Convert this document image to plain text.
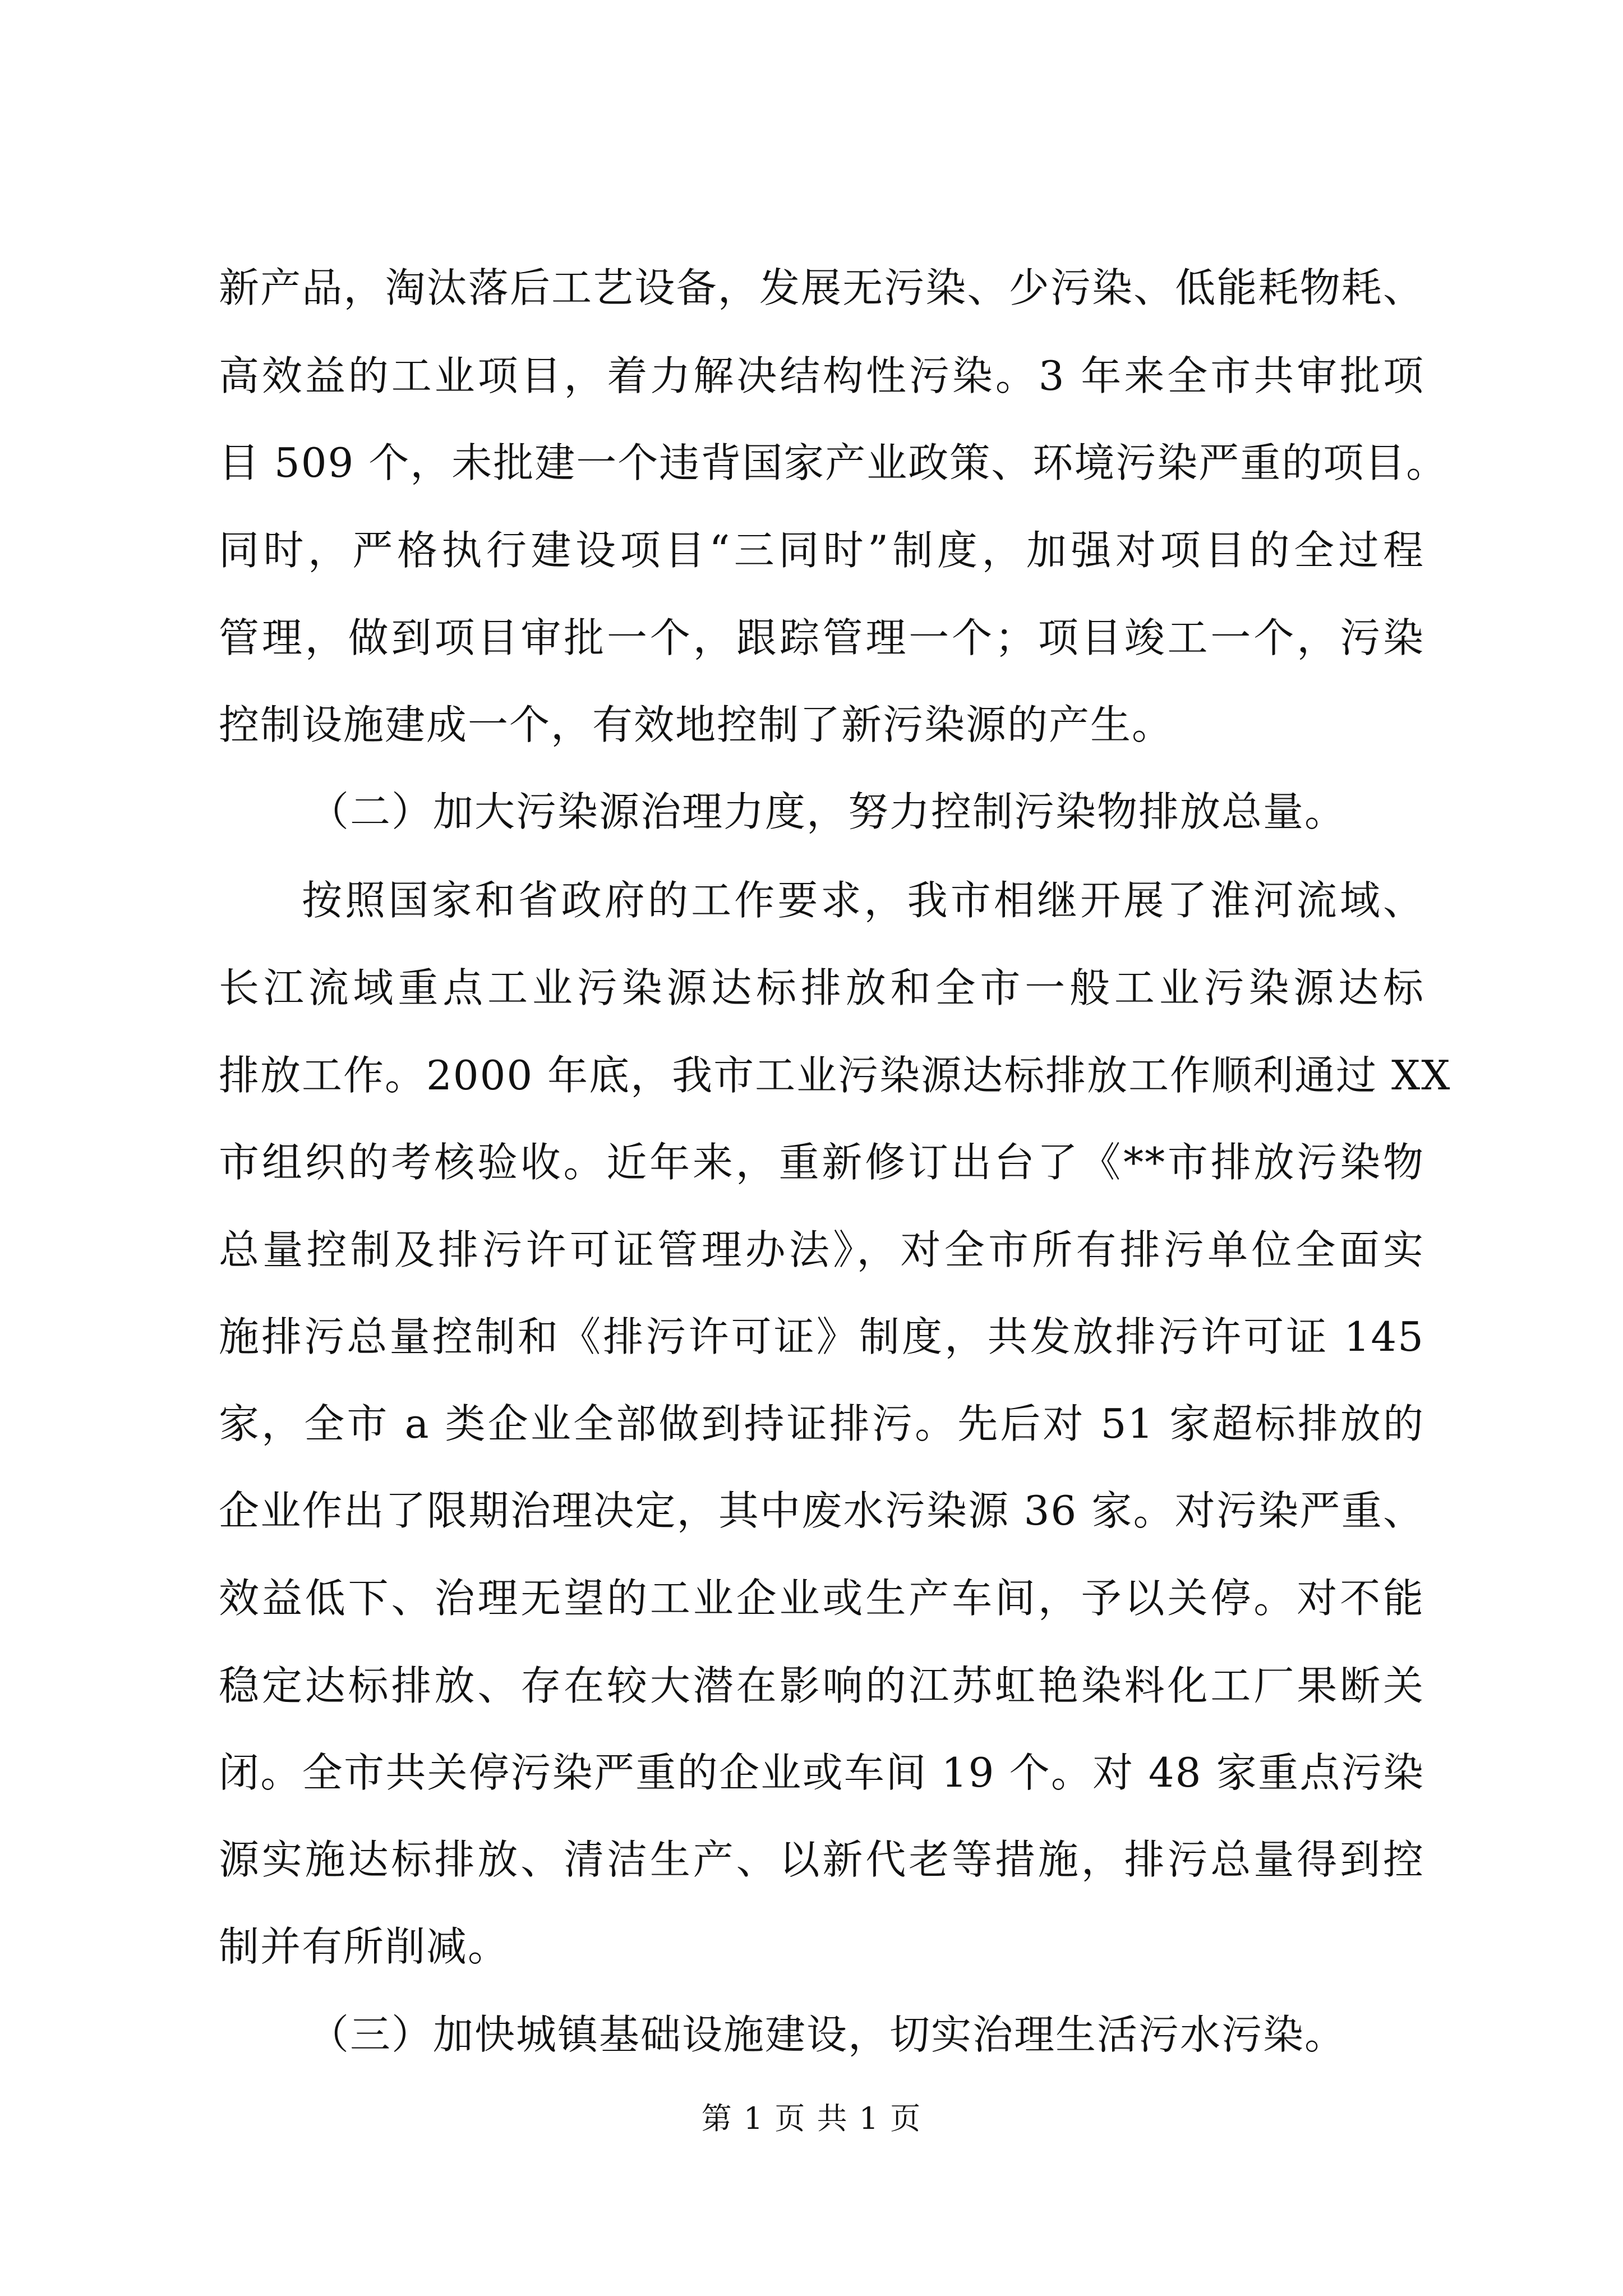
新产品，淘汰落后工艺设备，发展无污染、少污染、低能耗物耗、
高效益的工业项目，着力解决结构性污染。3 年来全市共审批项
目 509 个，未批建一个违背国家产业政策、环境污染严重的项目。
同时，严格执行建设项目“三同时”制度，加强对项目的全过程
管理，做到项目审批一个，跟踪管理一个；项目竣工一个，污染
控制设施建成一个，有效地控制了新污染源的产生。
（二）加大污染源治理力度，努力控制污染物排放总量。
按照国家和省政府的工作要求，我市相继开展了淮河流域、
长江流域重点工业污染源达标排放和全市一般工业污染源达标
排放工作。2000 年底，我市工业污染源达标排放工作顺利通过 XX
市组织的考核验收。近年来，重新修订出台了《**市排放污染物
总量控制及排污许可证管理办法》，对全市所有排污单位全面实
施排污总量控制和《排污许可证》制度，共发放排污许可证 145
家，全市 a 类企业全部做到持证排污。先后对 51 家超标排放的
企业作出了限期治理决定，其中废水污染源 36 家。对污染严重、
效益低下、治理无望的工业企业或生产车间，予以关停。对不能
稳定达标排放、存在较大潜在影响的江苏虹艳染料化工厂果断关
闭。全市共关停污染严重的企业或车间 19 个。对 48 家重点污染
源实施达标排放、清洁生产、以新代老等措施，排污总量得到控
制并有所削减。
（三）加快城镇基础设施建设，切实治理生活污水污染。
第 1 页 共 1 页
